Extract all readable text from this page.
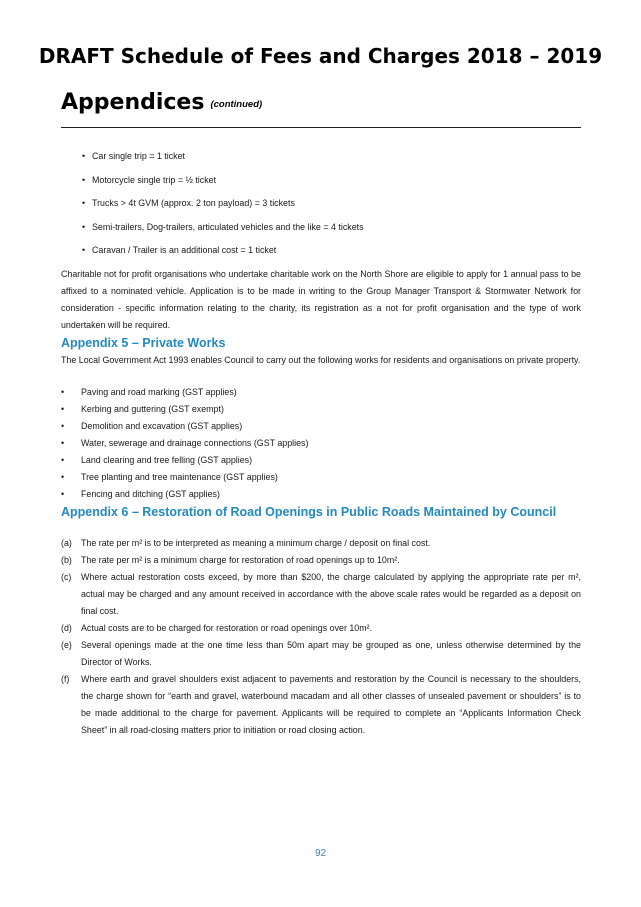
DRAFT Schedule of Fees and Charges 2018 – 2019
Appendices $^{(continued)}$
• Car single trip = 1 ticket
• Motorcycle single trip = ½ ticket
• Trucks > 4t GVM (approx. 2 ton payload) = 3 tickets
• Semi-trailers, Dog-trailers, articulated vehicles and the like = 4 tickets
• Caravan / Trailer is an additional cost = 1 ticket

Charitable not for profit organisations who undertake charitable work on the North Shore are eligible to apply for 1 annual pass to be affixed to a nominated vehicle. Application is to be made in writing to the Group Manager Transport & Stormwater Network for consideration - specific information relating to the charity, its registration as a not for profit organisation and the type of work undertaken will be required.

Appendix 5 – Private Works

The Local Government Act 1993 enables Council to carry out the following works for residents and organisations on private property.

• Paving and road marking (GST applies)
• Kerbing and guttering (GST exempt)
• Demolition and excavation (GST applies)
• Water, sewerage and drainage connections (GST applies)
• Land clearing and tree felling (GST applies)
• Tree planting and tree maintenance (GST applies)
• Fencing and ditching (GST applies)
Appendix 6 – Restoration of Road Openings in Public Roads Maintained by Council
(a) The rate per m² is to be interpreted as meaning a minimum charge / deposit on final cost.
(b) The rate per m² is a minimum charge for restoration of road openings up to 10m².
(c) Where actual restoration costs exceed, by more than $200, the charge calculated by applying the appropriate rate per m², actual may be charged and any amount received in accordance with the above scale rates would be regarded as a deposit on final cost.
(d) Actual costs are to be charged for restoration or road openings over 10m².
(e) Several openings made at the one time less than 50m apart may be grouped as one, unless otherwise determined by the Director of Works.
(f) Where earth and gravel shoulders exist adjacent to pavements and restoration by the Council is necessary to the shoulders, the charge shown for “earth and gravel, waterbound macadam and all other classes of unsealed pavement or shoulders” is to be made additional to the charge for pavement. Applicants will be required to complete an “Applicants Information Check Sheet” in all road-closing matters prior to initiation or road closing action.
92
